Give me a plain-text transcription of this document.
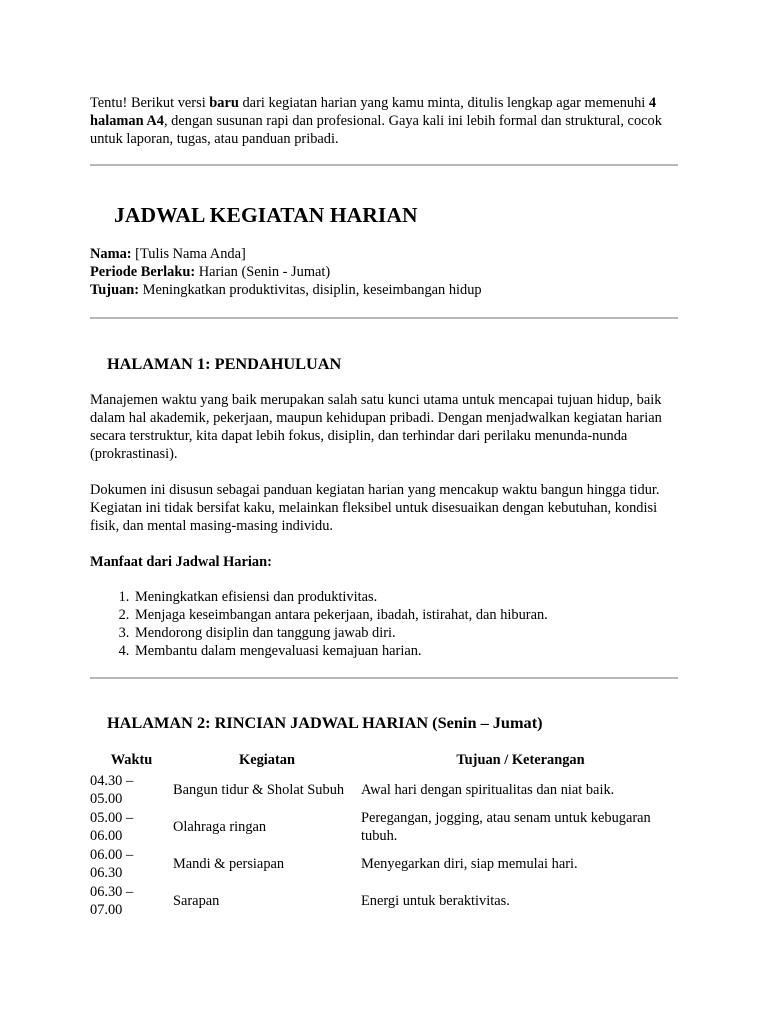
Tentu! Berikut versi baru dari kegiatan harian yang kamu minta, ditulis lengkap agar memenuhi 4 halaman A4, dengan susunan rapi dan profesional. Gaya kali ini lebih formal dan struktural, cocok untuk laporan, tugas, atau panduan pribadi.

JADWAL KEGIATAN HARIAN

Nama: [Tulis Nama Anda]

Periode Berlaku: Harian (Senin - Jumat)

Tujuan: Meningkatkan produktivitas, disiplin, keseimbangan hidup

HALAMAN 1: PENDAHULUAN

Manajemen waktu yang baik merupakan salah satu kunci utama untuk mencapai tujuan hidup, baik dalam hal akademik, pekerjaan, maupun kehidupan pribadi. Dengan menjadwalkan kegiatan harian secara terstruktur, kita dapat lebih fokus, disiplin, dan terhindar dari perilaku menunda-nunda (prokrastinasi).

Dokumen ini disusun sebagai panduan kegiatan harian yang mencakup waktu bangun hingga tidur. Kegiatan ini tidak bersifat kaku, melainkan fleksibel untuk disesuaikan dengan kebutuhan, kondisi fisik, dan mental masing-masing individu.

Manfaat dari Jadwal Harian:

1. Meningkatkan efisiensi dan produktivitas.
2. Menjaga keseimbangan antara pekerjaan, ibadah, istirahat, dan hiburan.
3. Mendorong disiplin dan tanggung jawab diri.
4. Membantu dalam mengevaluasi kemajuan harian.
HALAMAN 2: RINCIAN JADWAL HARIAN (Senin – Jumat)
Waktu	Kegiatan	Tujuan / Keterangan
04.30 – 05.00	Bangun tidur & Sholat Subuh	Awal hari dengan spiritualitas dan niat baik.
05.00 – 06.00	Olahraga ringan	Peregangan, jogging, atau senam untuk kebugaran tubuh.
06.00 – 06.30	Mandi & persiapan	Menyegarkan diri, siap memulai hari.
06.30 – 07.00	Sarapan	Energi untuk beraktivitas.
